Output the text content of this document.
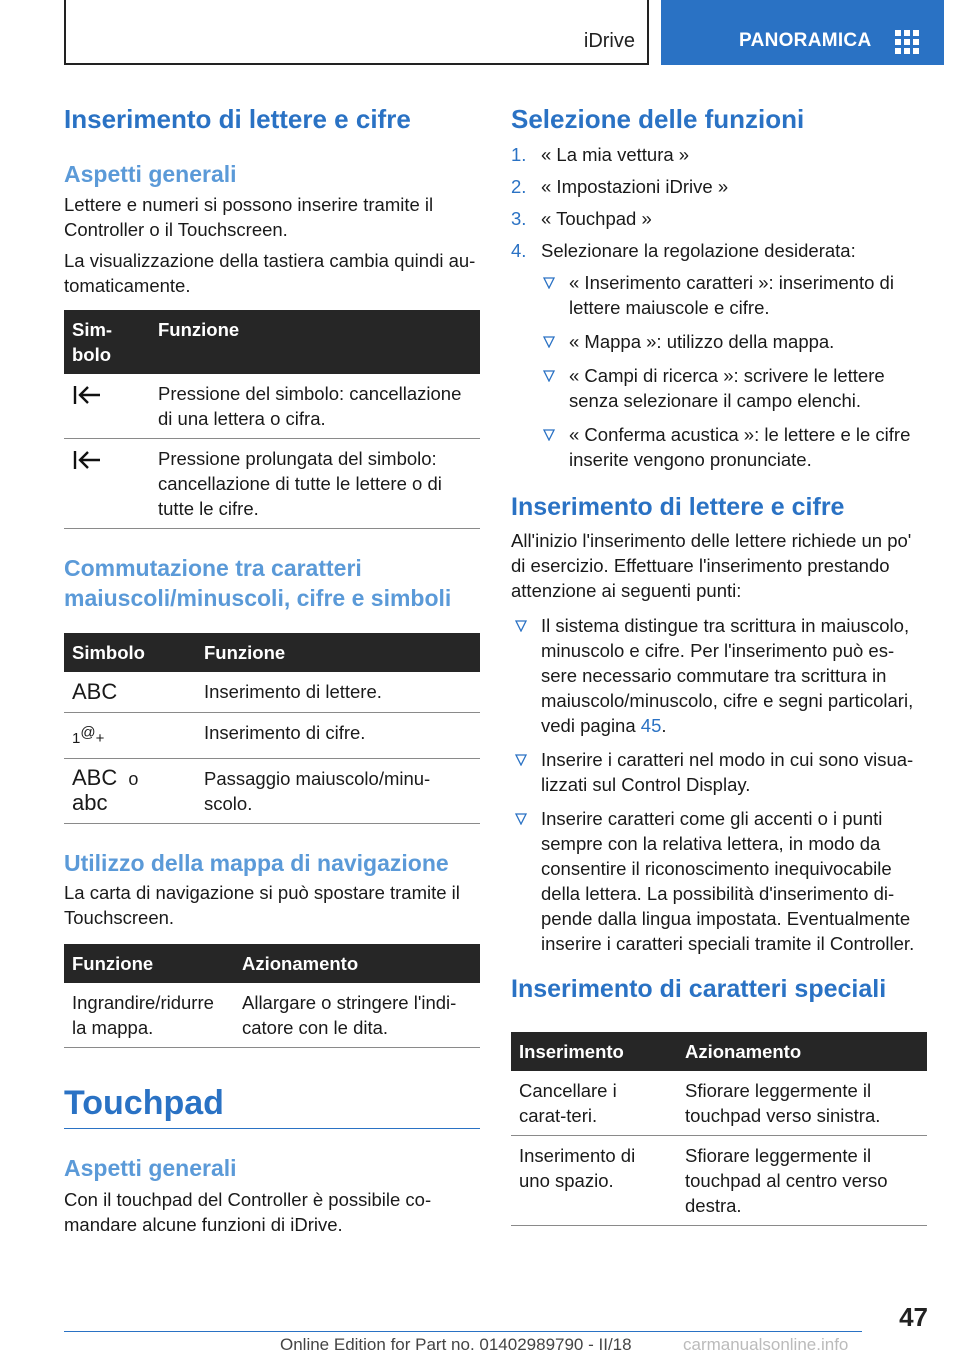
iDrive	PANORAMICA
Inserimento di lettere e cifre
Aspetti generali

Lettere e numeri si possono inserire tramite il Controller o il Touchscreen.

La visualizzazione della tastiera cambia quindi au-tomaticamente.

Sim-bolo	Funzione
	Pressione del simbolo: cancellazione di una lettera o cifra.
	Pressione prolungata del simbolo: cancellazione di tutte le lettere o di tutte le cifre.
Commutazione tra caratteri maiuscoli/minuscoli, cifre e simboli
Simbolo	Funzione
ABC	Inserimento di lettere.
1@+	Inserimento di cifre.
ABC o
abc	Passaggio maiuscolo/minu-scolo.
Utilizzo della mappa di navigazione

La carta di navigazione si può spostare tramite il Touchscreen.

Funzione	Azionamento
Ingrandire/ridurre la mappa.	Allargare o stringere l'indi-catore con le dita.
Touchpad
Aspetti generali

Con il touchpad del Controller è possibile co-mandare alcune funzioni di iDrive.

Selezione delle funzioni
1. « La mia vettura »
2. « Impostazioni iDrive »
3. « Touchpad »
4. Selezionare la regolazione desiderata:
« Inserimento caratteri »: inserimento di lettere maiuscole e cifre.
« Mappa »: utilizzo della mappa.
« Campi di ricerca »: scrivere le lettere senza selezionare il campo elenchi.
« Conferma acustica »: le lettere e le cifre inserite vengono pronunciate.
Inserimento di lettere e cifre

All'inizio l'inserimento delle lettere richiede un po' di esercizio. Effettuare l'inserimento prestando attenzione ai seguenti punti:

Il sistema distingue tra scrittura in maiuscolo, minuscolo e cifre. Per l'inserimento può es-sere necessario commutare tra scrittura in maiuscolo/minuscolo, cifre e segni particolari, vedi pagina 45.
Inserire i caratteri nel modo in cui sono visua-lizzati sul Control Display.
Inserire caratteri come gli accenti o i punti sempre con la relativa lettera, in modo da consentire il riconoscimento inequivocabile della lettera. La possibilità d'inserimento di-pende dalla lingua impostata. Eventualmente inserire i caratteri speciali tramite il Controller.
Inserimento di caratteri speciali
Inserimento	Azionamento
Cancellare i carat-teri.	Sfiorare leggermente il touchpad verso sinistra.
Inserimento di uno spazio.	Sfiorare leggermente il touchpad al centro verso destra.
47
Online Edition for Part no. 01402989790 - II/18	carmanualsonline.info
